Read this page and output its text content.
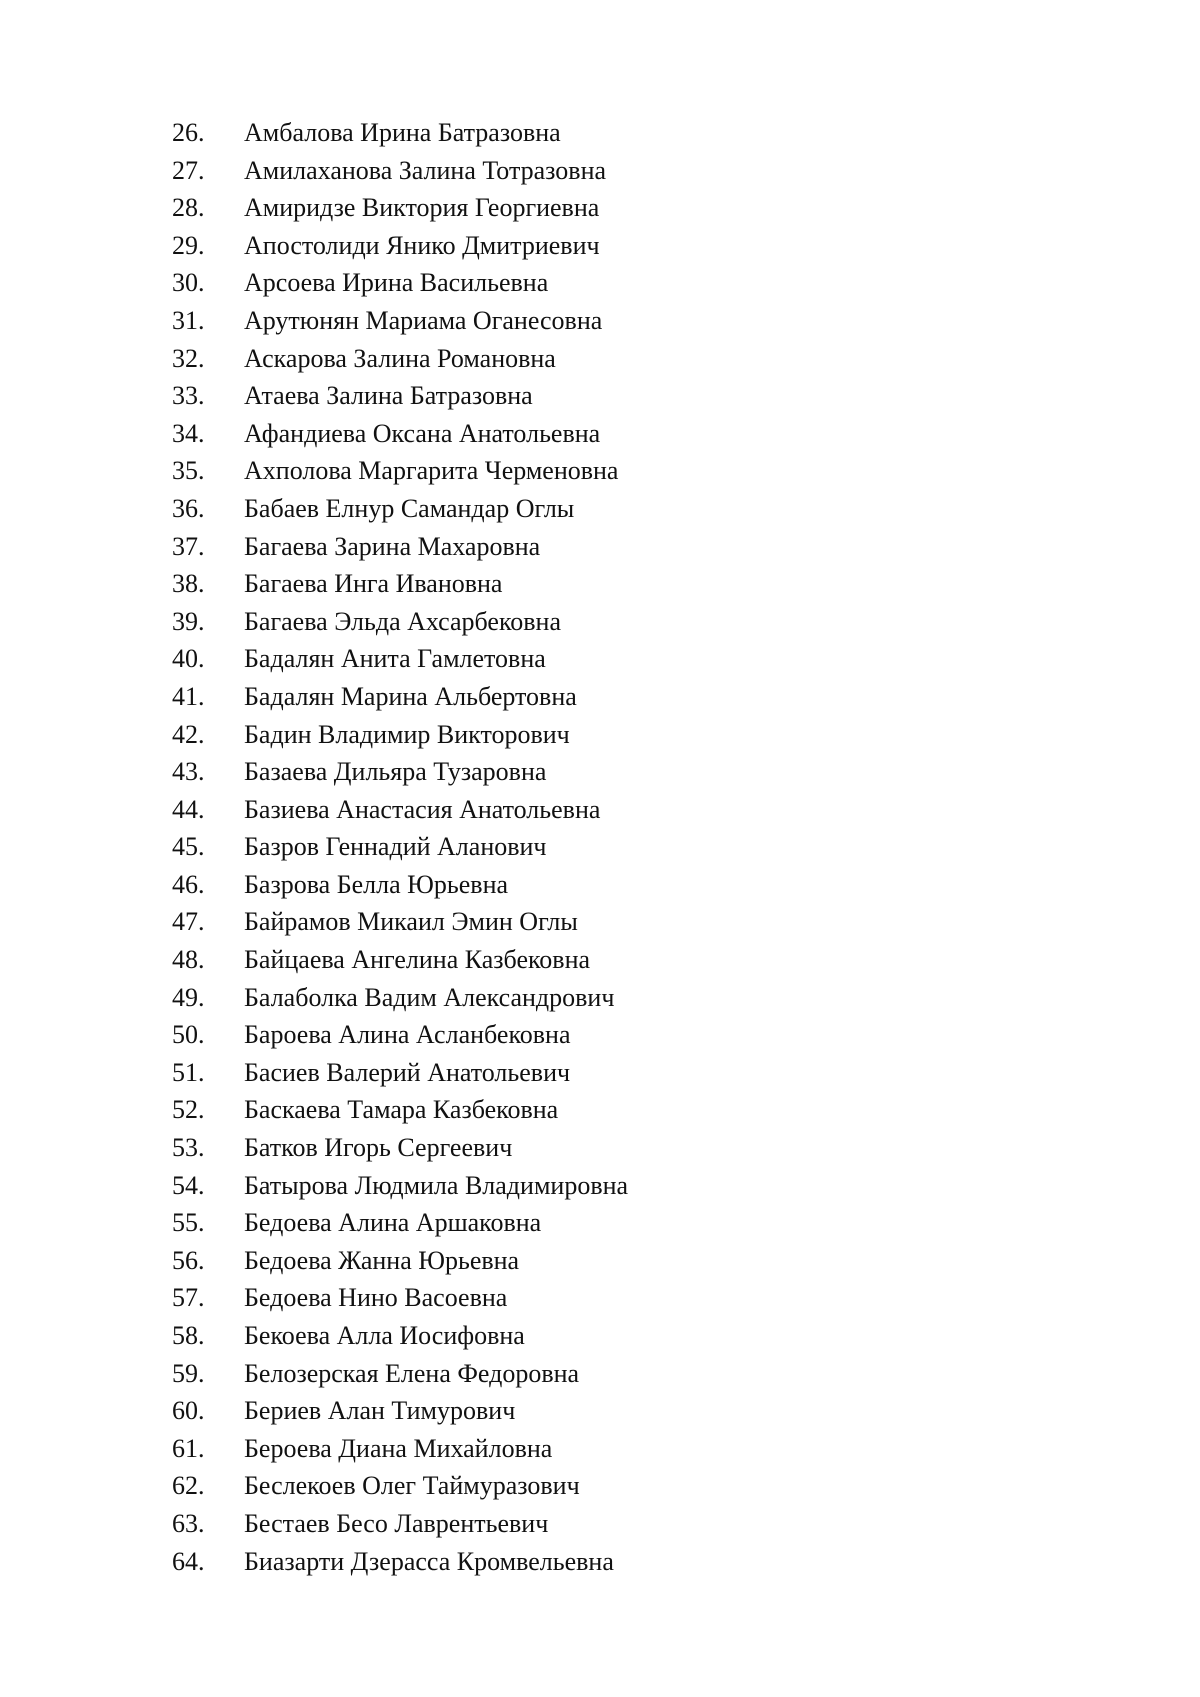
26.	Амбалова Ирина Батразовна
27.	Амилаханова Залина Тотразовна
28.	Амиридзе Виктория Георгиевна
29.	Апостолиди Янико Дмитриевич
30.	Арсоева Ирина Васильевна
31.	Арутюнян Мариама Оганесовна
32.	Аскарова Залина Романовна
33.	Атаева Залина Батразовна
34.	Афандиева Оксана Анатольевна
35.	Ахполова Маргарита Черменовна
36.	Бабаев Елнур Самандар Оглы
37.	Багаева Зарина Махаровна
38.	Багаева Инга Ивановна
39.	Багаева Эльда Ахсарбековна
40.	Бадалян Анита Гамлетовна
41.	Бадалян Марина Альбертовна
42.	Бадин Владимир Викторович
43.	Базаева Дильяра Тузаровна
44.	Базиева Анастасия Анатольевна
45.	Базров Геннадий Аланович
46.	Базрова Белла Юрьевна
47.	Байрамов Микаил Эмин Оглы
48.	Байцаева Ангелина Казбековна
49.	Балаболка Вадим Александрович
50.	Бароева Алина Асланбековна
51.	Басиев Валерий Анатольевич
52.	Баскаева Тамара Казбековна
53.	Батков Игорь Сергеевич
54.	Батырова Людмила Владимировна
55.	Бедоева Алина Аршаковна
56.	Бедоева Жанна Юрьевна
57.	Бедоева Нино Васоевна
58.	Бекоева Алла Иосифовна
59.	Белозерская Елена Федоровна
60.	Бериев Алан Тимурович
61.	Бероева Диана Михайловна
62.	Беслекоев Олег Таймуразович
63.	Бестаев Бесо Лаврентьевич
64.	Биазарти Дзерасса Кромвельевна
